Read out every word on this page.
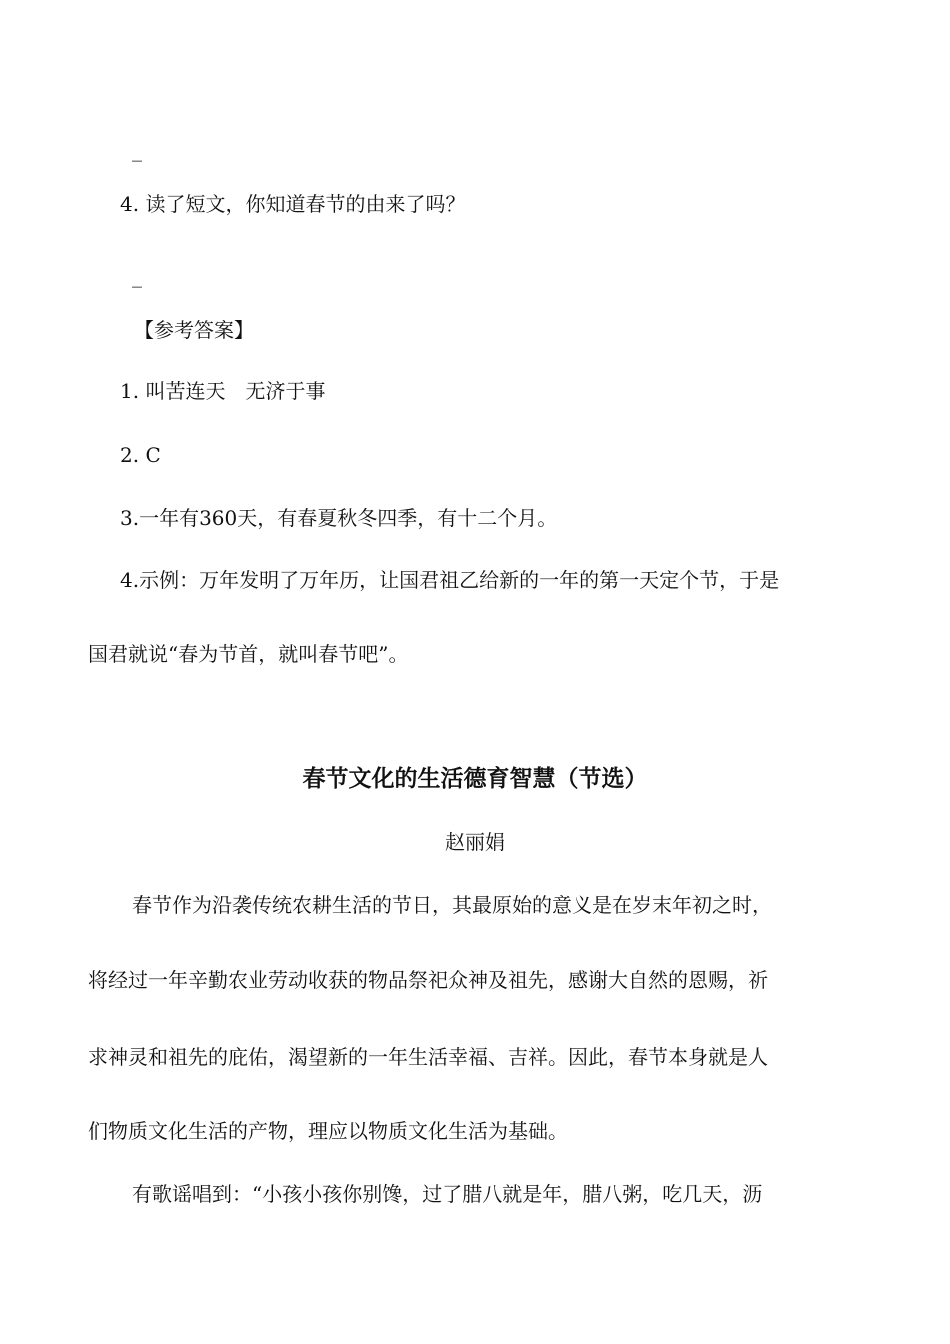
_
4. 读了短文，你知道春节的由来了吗？
_
【参考答案】
1. 叫苦连天　无济于事
2. C
3.一年有360天，有春夏秋冬四季，有十二个月。
4.示例：万年发明了万年历，让国君祖乙给新的一年的第一天定个节，于是
国君就说“春为节首，就叫春节吧”。
春节文化的生活德育智慧（节选）
赵丽娟
春节作为沿袭传统农耕生活的节日，其最原始的意义是在岁末年初之时，
将经过一年辛勤农业劳动收获的物品祭祀众神及祖先，感谢大自然的恩赐，祈
求神灵和祖先的庇佑，渴望新的一年生活幸福、吉祥。因此，春节本身就是人
们物质文化生活的产物，理应以物质文化生活为基础。
有歌谣唱到：“小孩小孩你别馋，过了腊八就是年，腊八粥，吃几天，沥
